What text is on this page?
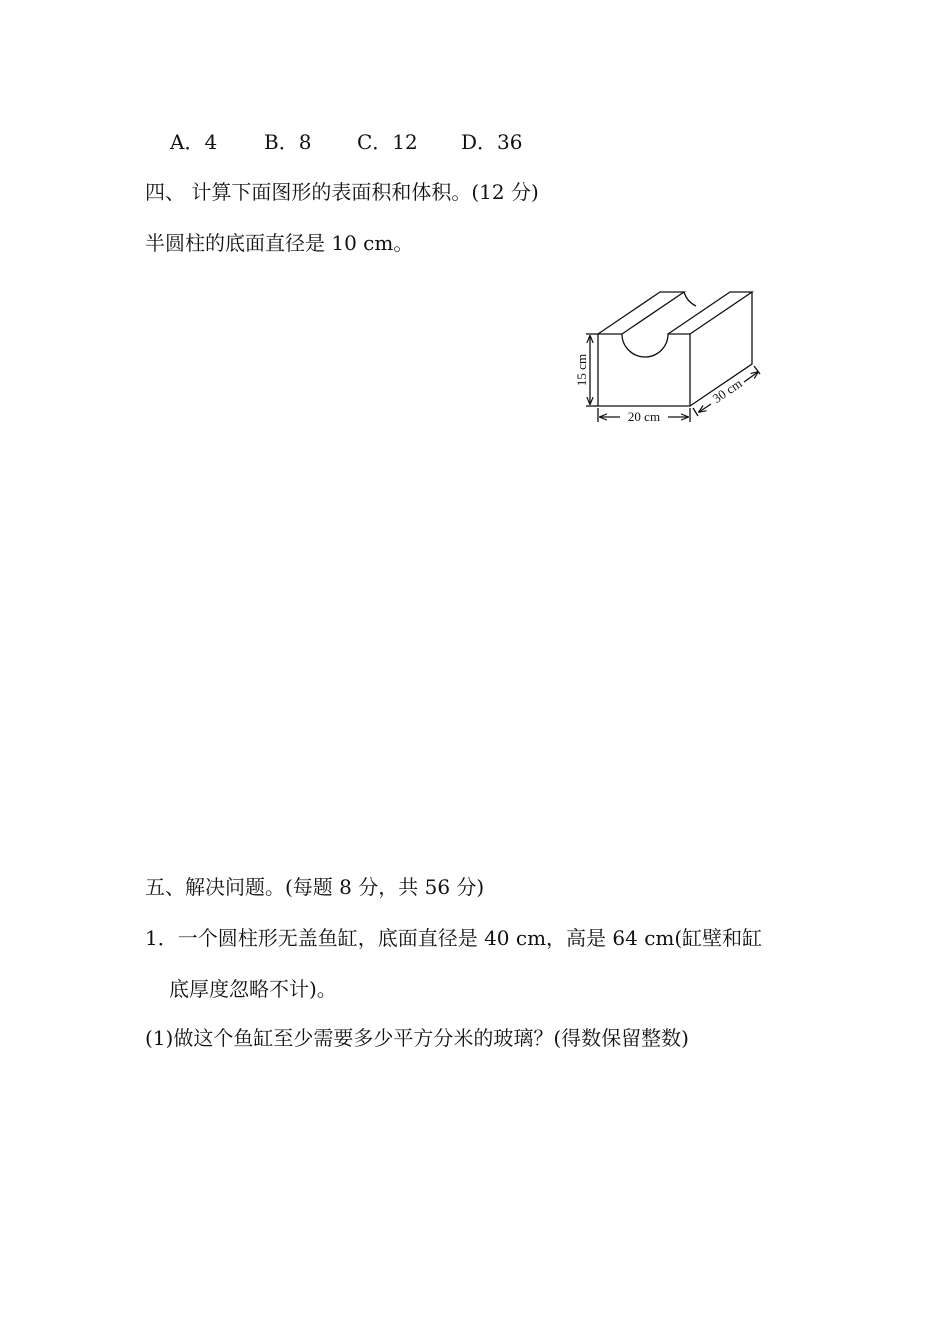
A．4 B．8 C．12 D．36
四、 计算下面图形的表面积和体积。(12 分)
半圆柱的底面直径是 10 cm。
15 cm
20 cm
30 cm
五、解决问题。(每题 8 分，共 56 分)
1．一个圆柱形无盖鱼缸，底面直径是 40 cm，高是 64 cm(缸壁和缸
底厚度忽略不计)。
(1)做这个鱼缸至少需要多少平方分米的玻璃？(得数保留整数)
